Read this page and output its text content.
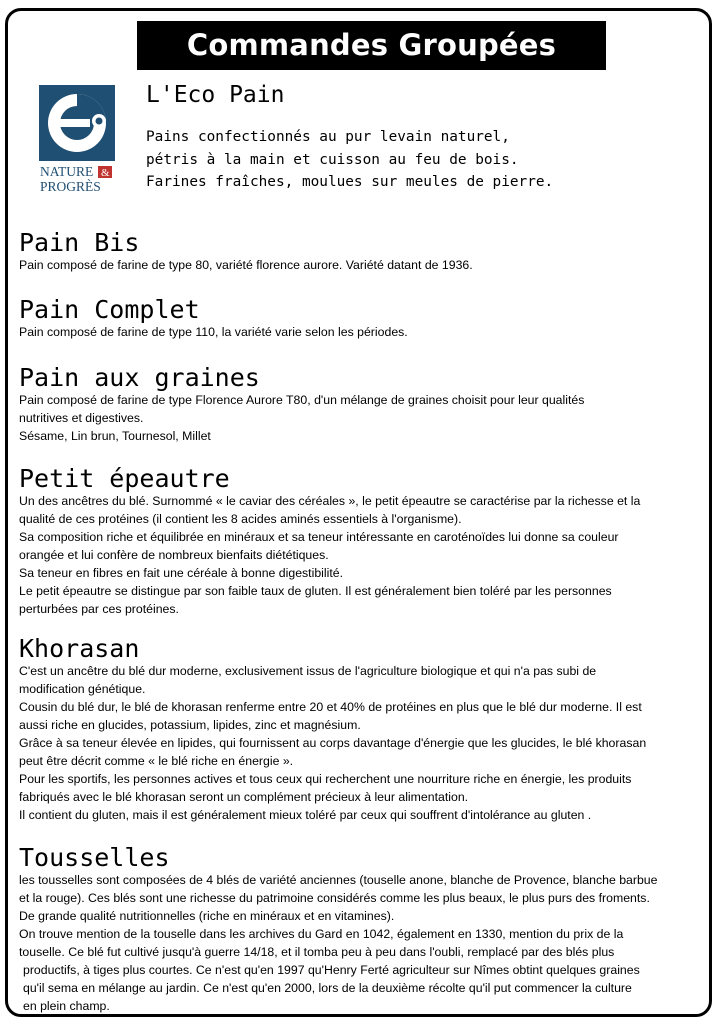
Commandes Groupées
NATURE &
PROGRÈS
L'Eco Pain
Pains confectionnés au pur levain naturel,
pétris à la main et cuisson au feu de bois.
Farines fraîches, moulues sur meules de pierre.
Pain Bis
Pain composé de farine de type 80, variété florence aurore. Variété datant de 1936.
Pain Complet
Pain composé de farine de type 110, la variété varie selon les périodes.
Pain aux graines
Pain composé de farine de type Florence Aurore T80, d'un mélange de graines choisit pour leur qualités
nutritives et digestives.
Sésame, Lin brun, Tournesol, Millet
Petit épeautre
Un des ancêtres du blé. Surnommé « le caviar des céréales », le petit épeautre se caractérise par la richesse et la
qualité de ces protéines (il contient les 8 acides aminés essentiels à l'organisme).
Sa composition riche et équilibrée en minéraux et sa teneur intéressante en caroténoïdes lui donne sa couleur
orangée et lui confère de nombreux bienfaits diététiques.
Sa teneur en fibres en fait une céréale à bonne digestibilité.
Le petit épeautre se distingue par son faible taux de gluten. Il est généralement bien toléré par les personnes
perturbées par ces protéines.
Khorasan
C'est un ancêtre du blé dur moderne, exclusivement issus de l'agriculture biologique et qui n'a pas subi de
modification génétique.
Cousin du blé dur, le blé de khorasan renferme entre 20 et 40% de protéines en plus que le blé dur moderne. Il est
aussi riche en glucides, potassium, lipides, zinc et magnésium.
Grâce à sa teneur élevée en lipides, qui fournissent au corps davantage d'énergie que les glucides, le blé khorasan
peut être décrit comme « le blé riche en énergie ».
Pour les sportifs, les personnes actives et tous ceux qui recherchent une nourriture riche en énergie, les produits
fabriqués avec le blé khorasan seront un complément précieux à leur alimentation.
Il contient du gluten, mais il est généralement mieux toléré par ceux qui souffrent d'intolérance au gluten .
Tousselles
les tousselles sont composées de 4 blés de variété anciennes (touselle anone, blanche de Provence, blanche barbue
et la rouge). Ces blés sont une richesse du patrimoine considérés comme les plus beaux, le plus purs des froments.
De grande qualité nutritionnelles (riche en minéraux et en vitamines).
On trouve mention de la touselle dans les archives du Gard en 1042, également en 1330, mention du prix de la
touselle. Ce blé fut cultivé jusqu'à guerre 14/18, et il tomba peu à peu dans l'oubli, remplacé par des blés plus
productifs, à tiges plus courtes. Ce n'est qu'en 1997 qu'Henry Ferté agriculteur sur Nîmes obtint quelques graines
qu'il sema en mélange au jardin. Ce n'est qu'en 2000, lors de la deuxième récolte qu'il put commencer la culture
en plein champ.
